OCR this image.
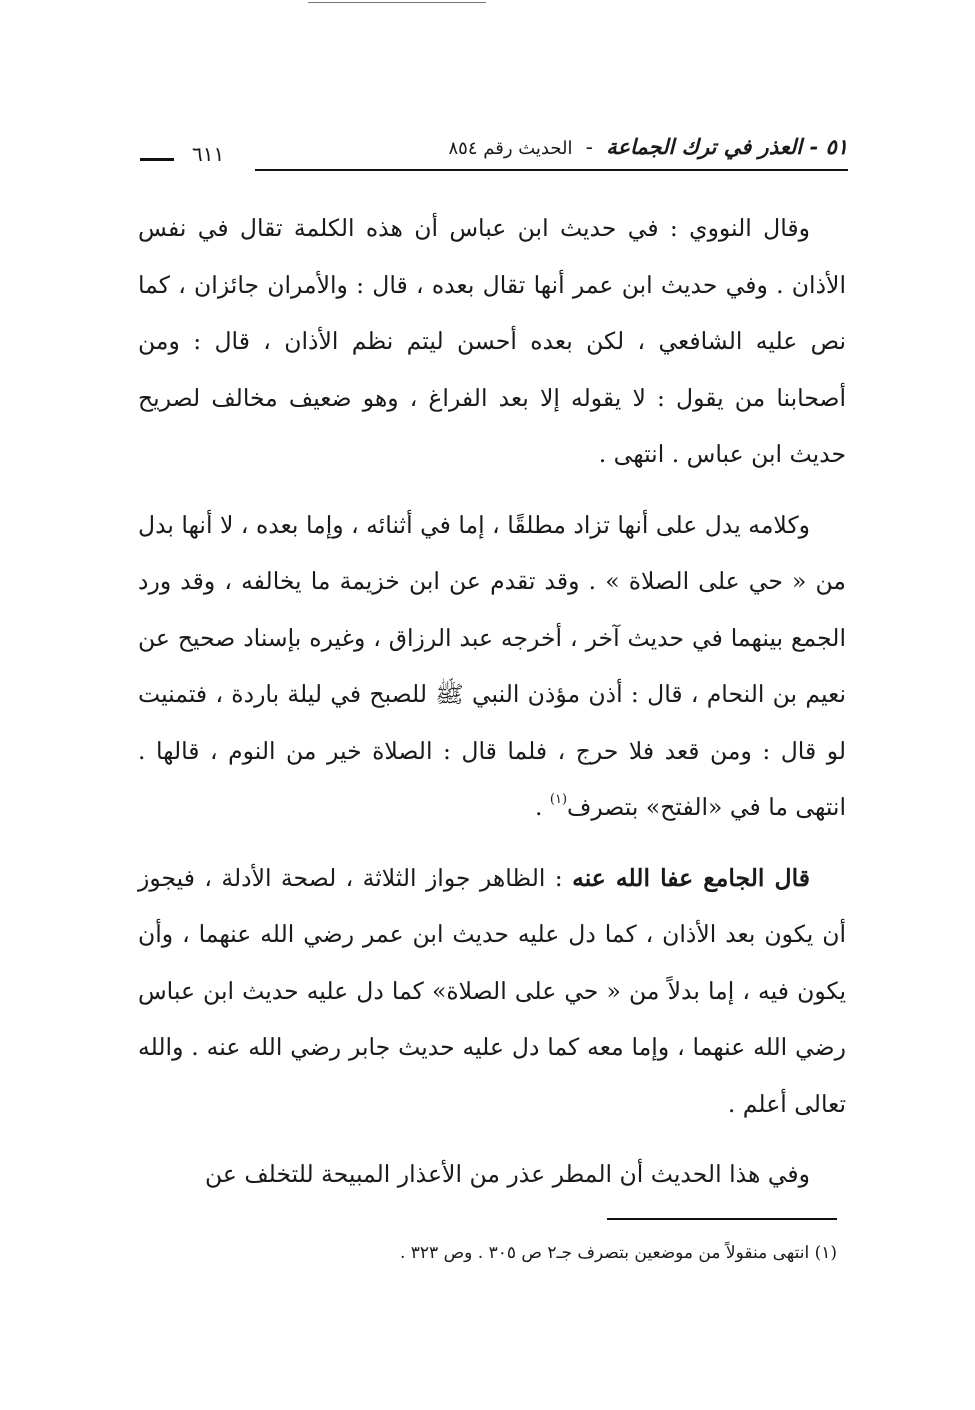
٥١ - العذر في ترك الجماعة - الحديث رقم ٨٥٤
٦١١

وقال النووي : في حديث ابن عباس أن هذه الكلمة تقال في نفس الأذان . وفي حديث ابن عمر أنها تقال بعده ، قال : والأمران جائزان ، كما نص عليه الشافعي ، لكن بعده أحسن ليتم نظم الأذان ، قال : ومن أصحابنا من يقول : لا يقوله إلا بعد الفراغ ، وهو ضعيف مخالف لصريح حديث ابن عباس . انتهى .

وكلامه يدل على أنها تزاد مطلقًا ، إما في أثنائه ، وإما بعده ، لا أنها بدل من « حي على الصلاة » . وقد تقدم عن ابن خزيمة ما يخالفه ، وقد ورد الجمع بينهما في حديث آخر ، أخرجه عبد الرزاق ، وغيره بإسناد صحيح عن نعيم بن النحام ، قال : أذن مؤذن النبي ﷺ للصبح في ليلة باردة ، فتمنيت لو قال : ومن قعد فلا حرج ، فلما قال : الصلاة خير من النوم ، قالها . انتهى ما في «الفتح» بتصرف$^{(١)}$ .

قال الجامع عفا الله عنه : الظاهر جواز الثلاثة ، لصحة الأدلة ، فيجوز أن يكون بعد الأذان ، كما دل عليه حديث ابن عمر رضي الله عنهما ، وأن يكون فيه ، إما بدلاً من « حي على الصلاة» كما دل عليه حديث ابن عباس رضي الله عنهما ، وإما معه كما دل عليه حديث جابر رضي الله عنه . والله تعالى أعلم .

وفي هذا الحديث أن المطر عذر من الأعذار المبيحة للتخلف عن

(١) انتهى منقولاً من موضعين بتصرف جـ٢ ص ٣٠٥ . وص ٣٢٣ .
